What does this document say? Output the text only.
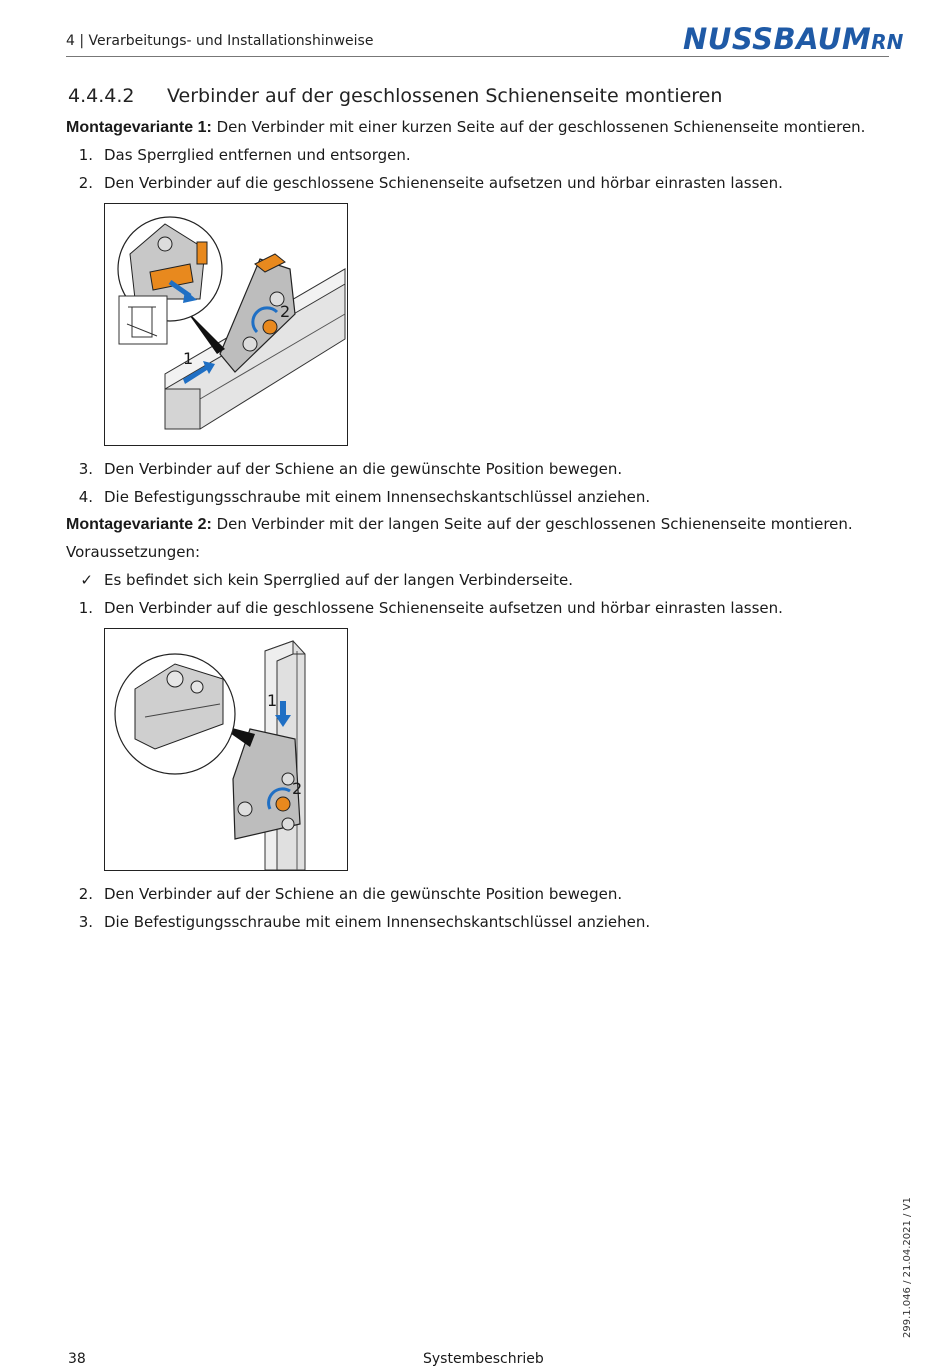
4 | Verarbeitungs- und Installationshinweise	NUSSBAUMRN
4.4.4.2 Verbinder auf der geschlossenen Schienenseite montieren
Montagevariante 1: Den Verbinder mit einer kurzen Seite auf der geschlossenen Schienenseite montieren.
1. Das Sperrglied entfernen und entsorgen.
2. Den Verbinder auf die geschlossene Schienenseite aufsetzen und hörbar einrasten lassen.
1
2
3. Den Verbinder auf der Schiene an die gewünschte Position bewegen.
4. Die Befestigungsschraube mit einem Innensechskantschlüssel anziehen.
Montagevariante 2: Den Verbinder mit der langen Seite auf der geschlossenen Schienenseite montieren.
Voraussetzungen:
✓ Es befindet sich kein Sperrglied auf der langen Verbinderseite.
1. Den Verbinder auf die geschlossene Schienenseite aufsetzen und hörbar einrasten lassen.
1
2
2. Den Verbinder auf der Schiene an die gewünschte Position bewegen.
3. Die Befestigungsschraube mit einem Innensechskantschlüssel anziehen.
299.1.046 / 21.04.2021 / V1
38	Systembeschrieb
